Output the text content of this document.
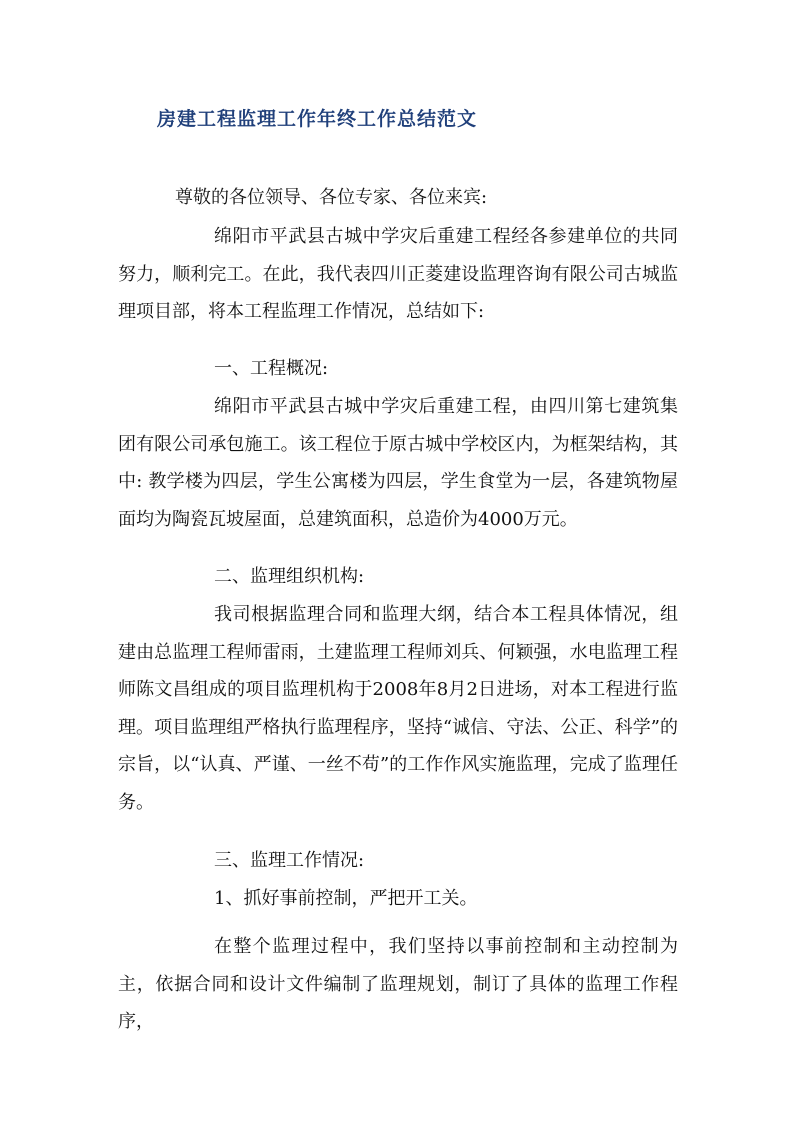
房建工程监理工作年终工作总结范文

尊敬的各位领导、各位专家、各位来宾:

绵阳市平武县古城中学灾后重建工程经各参建单位的共同努力，顺利完工。在此，我代表四川正菱建设监理咨询有限公司古城监理项目部，将本工程监理工作情况，总结如下:

一、工程概况:

绵阳市平武县古城中学灾后重建工程，由四川第七建筑集团有限公司承包施工。该工程位于原古城中学校区内，为框架结构，其中: 教学楼为四层，学生公寓楼为四层，学生食堂为一层，各建筑物屋面均为陶瓷瓦坡屋面，总建筑面积，总造价为4000万元。

二、监理组织机构:

我司根据监理合同和监理大纲，结合本工程具体情况，组建由总监理工程师雷雨，土建监理工程师刘兵、何颖强，水电监理工程师陈文昌组成的项目监理机构于2008年8月2日进场，对本工程进行监理。项目监理组严格执行监理程序，坚持“诚信、守法、公正、科学”的宗旨，以“认真、严谨、一丝不苟”的工作作风实施监理，完成了监理任务。

三、监理工作情况:

1、抓好事前控制，严把开工关。

在整个监理过程中，我们坚持以事前控制和主动控制为主，依据合同和设计文件编制了监理规划，制订了具体的监理工作程序，
